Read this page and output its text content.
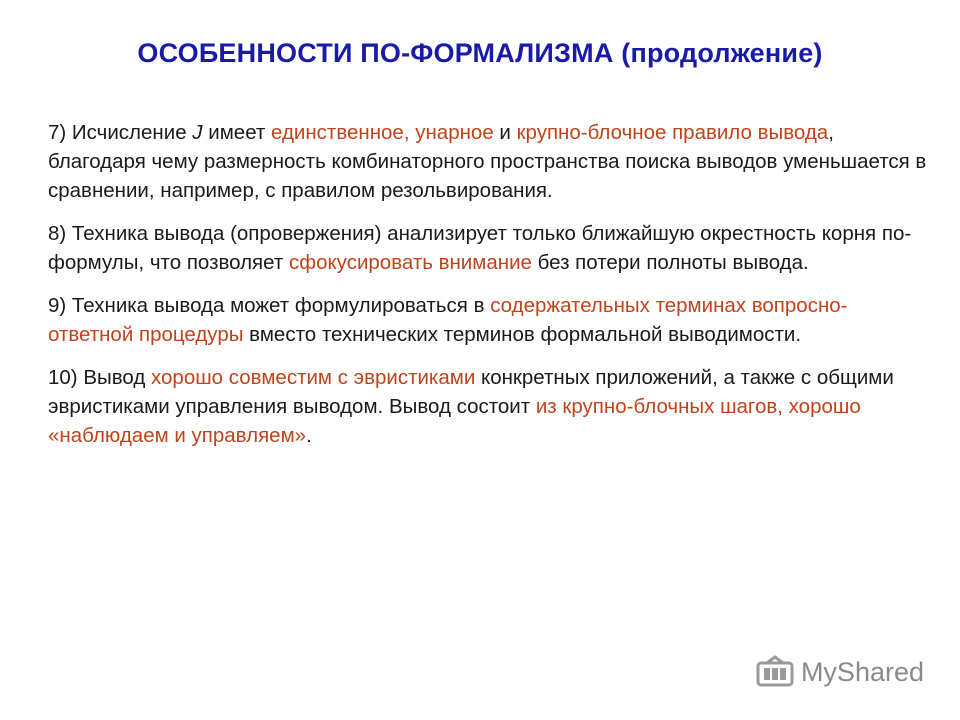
ОСОБЕННОСТИ ПО-ФОРМАЛИЗМА (продолжение)

7) Исчисление J имеет единственное, унарное и крупно-блочное правило вывода, благодаря чему размерность комбинаторного пространства поиска выводов уменьшается в сравнении, например, с правилом резольвирования.

8) Техника вывода (опровержения) анализирует только ближайшую окрестность корня по-формулы, что позволяет сфокусировать внимание без потери полноты вывода.

9) Техника вывода может формулироваться в содержательных терминах вопросно-ответной процедуры вместо технических терминов формальной выводимости.

10) Вывод хорошо совместим с эвристиками конкретных приложений, а также с общими эвристиками управления выводом. Вывод состоит из крупно-блочных шагов, хорошо «наблюдаем и управляем».

MyShared
